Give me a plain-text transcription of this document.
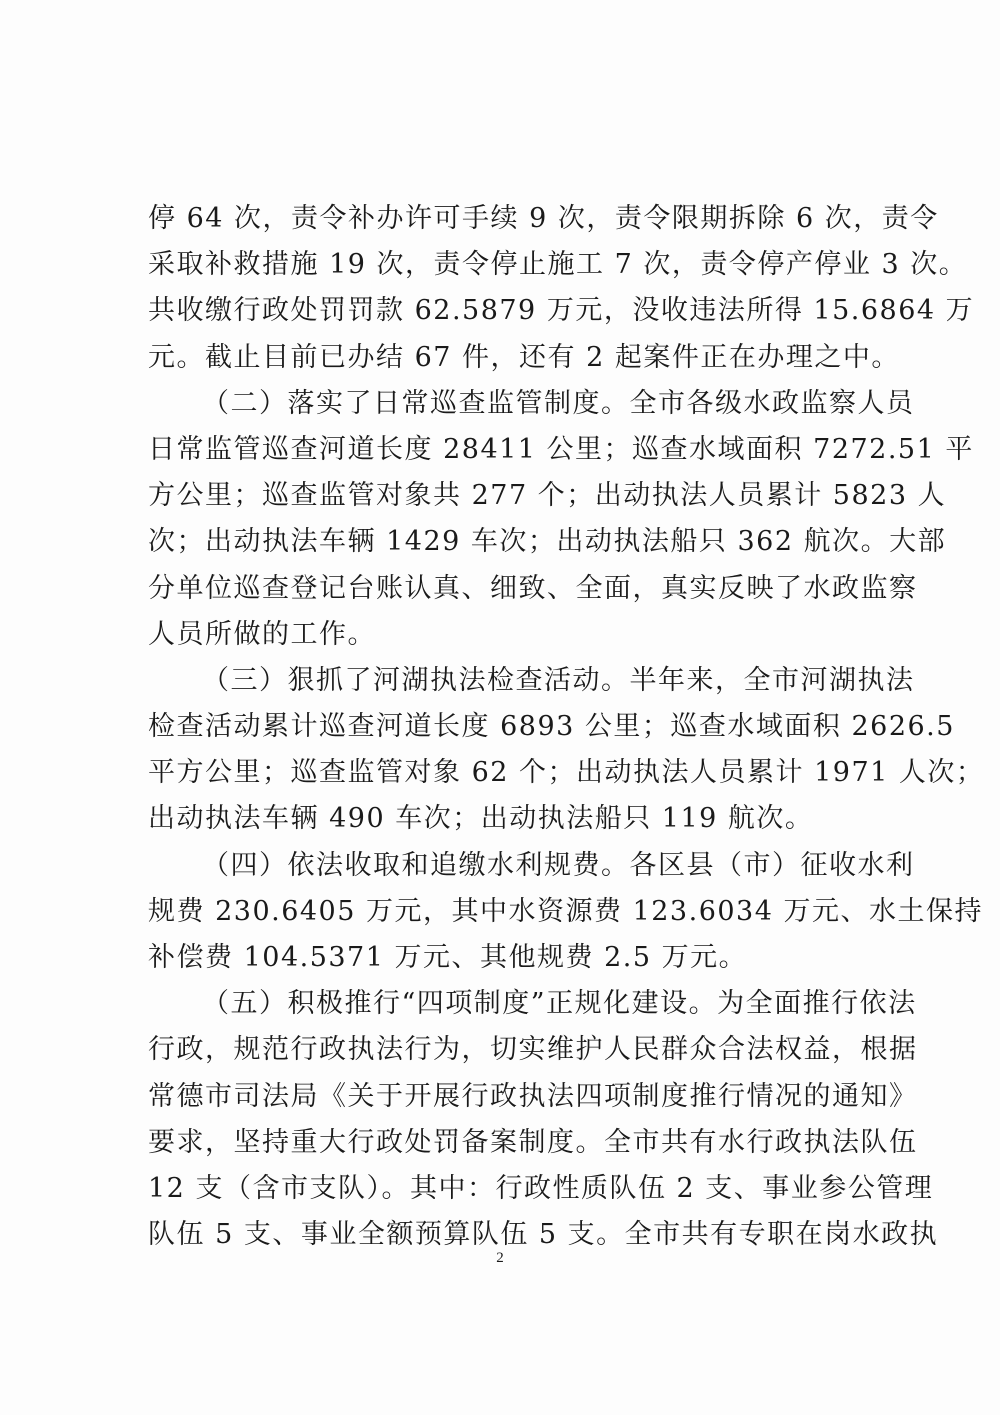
停 64 次，责令补办许可手续 9 次，责令限期拆除 6 次，责令
采取补救措施 19 次，责令停止施工 7 次，责令停产停业 3 次。
共收缴行政处罚罚款 62.5879 万元，没收违法所得 15.6864 万
元。截止目前已办结 67 件，还有 2 起案件正在办理之中。
（二）落实了日常巡查监管制度。全市各级水政监察人员
日常监管巡查河道长度 28411 公里；巡查水域面积 7272.51 平
方公里；巡查监管对象共 277 个；出动执法人员累计 5823 人
次；出动执法车辆 1429 车次；出动执法船只 362 航次。大部
分单位巡查登记台账认真、细致、全面，真实反映了水政监察
人员所做的工作。
（三）狠抓了河湖执法检查活动。半年来，全市河湖执法
检查活动累计巡查河道长度 6893 公里；巡查水域面积 2626.5
平方公里；巡查监管对象 62 个；出动执法人员累计 1971 人次；
出动执法车辆 490 车次；出动执法船只 119 航次。
（四）依法收取和追缴水利规费。各区县（市）征收水利
规费 230.6405 万元，其中水资源费 123.6034 万元、水土保持
补偿费 104.5371 万元、其他规费 2.5 万元。
（五）积极推行“四项制度”正规化建设。为全面推行依法
行政，规范行政执法行为，切实维护人民群众合法权益，根据
常德市司法局《关于开展行政执法四项制度推行情况的通知》
要求，坚持重大行政处罚备案制度。全市共有水行政执法队伍
12 支（含市支队）。其中：行政性质队伍 2 支、事业参公管理
队伍 5 支、事业全额预算队伍 5 支。全市共有专职在岗水政执
2
